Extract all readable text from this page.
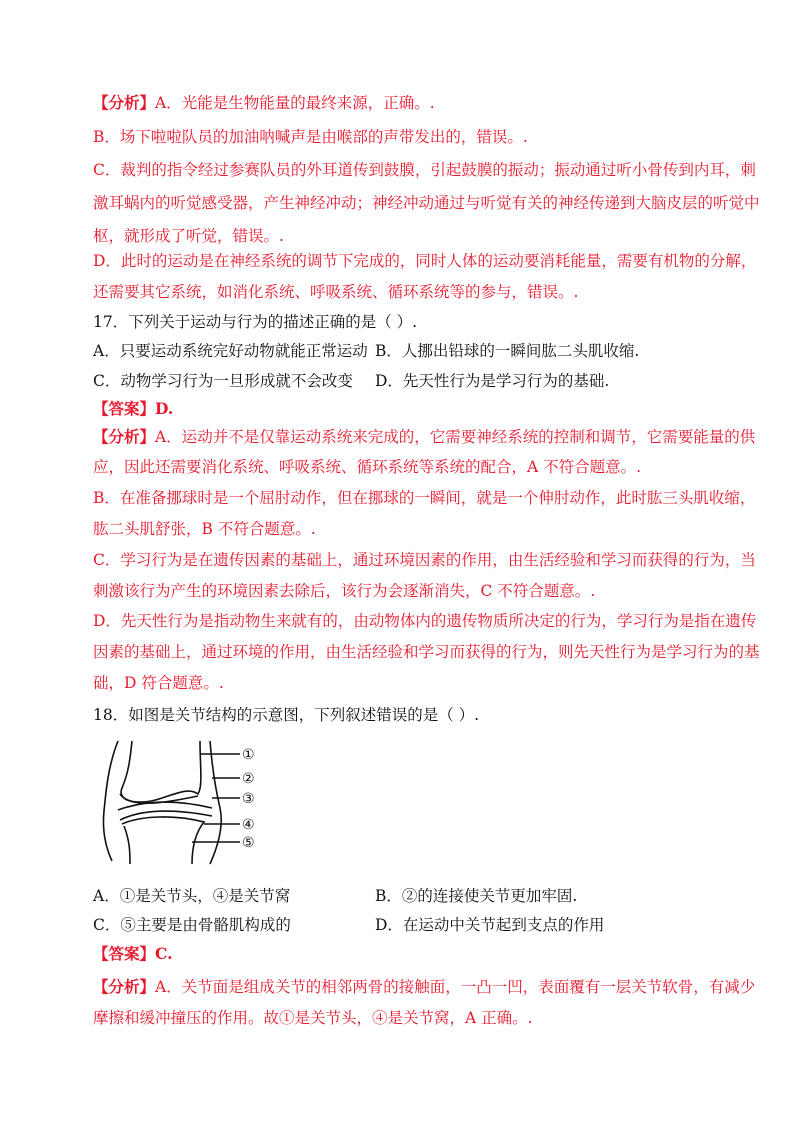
【分析】A．光能是生物能量的最终来源，正确。.
B．场下啦啦队员的加油呐喊声是由喉部的声带发出的，错误。.
C．裁判的指令经过参赛队员的外耳道传到鼓膜，引起鼓膜的振动；振动通过听小骨传到内耳，刺
激耳蜗内的听觉感受器，产生神经冲动；神经冲动通过与听觉有关的神经传递到大脑皮层的听觉中
枢，就形成了听觉，错误。.
D．此时的运动是在神经系统的调节下完成的，同时人体的运动要消耗能量，需要有机物的分解，
还需要其它系统，如消化系统、呼吸系统、循环系统等的参与，错误。.
17．下列关于运动与行为的描述正确的是（ ）.
A．只要运动系统完好动物就能正常运动 B．人挪出铅球的一瞬间肱二头肌收缩.
C．动物学习行为一旦形成就不会改变 D．先天性行为是学习行为的基础.
【答案】D.
【分析】A．运动并不是仅靠运动系统来完成的，它需要神经系统的控制和调节，它需要能量的供
应，因此还需要消化系统、呼吸系统、循环系统等系统的配合，A 不符合题意。.
B．在准备挪球时是一个屈肘动作，但在挪球的一瞬间，就是一个伸肘动作，此时肱三头肌收缩，
肱二头肌舒张，B 不符合题意。.
C．学习行为是在遗传因素的基础上，通过环境因素的作用，由生活经验和学习而获得的行为，当
刺激该行为产生的环境因素去除后，该行为会逐渐消失，C 不符合题意。.
D．先天性行为是指动物生来就有的，由动物体内的遗传物质所决定的行为，学习行为是指在遗传
因素的基础上，通过环境的作用，由生活经验和学习而获得的行为，则先天性行为是学习行为的基
础，D 符合题意。.
18．如图是关节结构的示意图，下列叙述错误的是（ ）.
①
②
③
④
⑤
A．①是关节头，④是关节窝	B．②的连接使关节更加牢固.
C．⑤主要是由骨骼肌构成的	D．在运动中关节起到支点的作用
【答案】C.
【分析】A．关节面是组成关节的相邻两骨的接触面，一凸一凹，表面覆有一层关节软骨，有减少
摩擦和缓冲撞压的作用。故①是关节头，④是关节窝，A 正确。.
